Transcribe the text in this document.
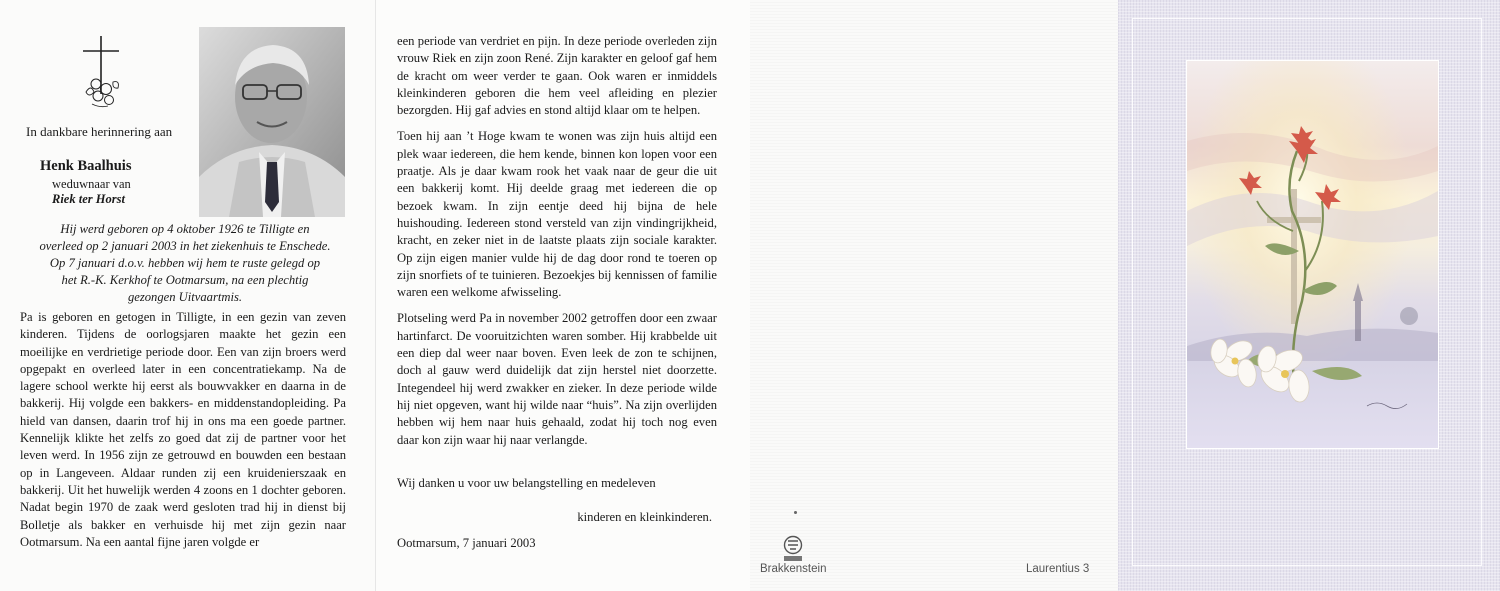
In dankbare herinnering aan
Henk Baalhuis
weduwnaar van
Riek ter Horst
Hij werd geboren op 4 oktober 1926 te Tilligte en
overleed op 2 januari 2003 in het ziekenhuis te Enschede.
Op 7 januari d.o.v. hebben wij hem te ruste gelegd op
het R.-K. Kerkhof te Ootmarsum, na een plechtig
gezongen Uitvaartmis.
Pa is geboren en getogen in Tilligte, in een gezin van zeven kinderen. Tijdens de oorlogsjaren maakte het gezin een moeilijke en verdrietige periode door. Een van zijn broers werd opgepakt en overleed later in een concentratiekamp. Na de lagere school werkte hij eerst als bouwvakker en daarna in de bakkerij. Hij volgde een bakkers- en middenstandopleiding. Pa hield van dansen, daarin trof hij in ons ma een goede partner. Kennelijk klikte het zelfs zo goed dat zij de partner voor het leven werd. In 1956 zijn ze getrouwd en bouwden een bestaan op in Langeveen. Aldaar runden zij een kruidenierszaak en bakkerij. Uit het huwelijk werden 4 zoons en 1 dochter geboren. Nadat begin 1970 de zaak werd gesloten trad hij in dienst bij Bolletje als bakker en verhuisde hij met zijn gezin naar Ootmarsum. Na een aantal fijne jaren volgde er

een periode van verdriet en pijn. In deze periode overleden zijn vrouw Riek en zijn zoon René. Zijn karakter en geloof gaf hem de kracht om weer verder te gaan. Ook waren er inmiddels kleinkinderen geboren die hem veel afleiding en plezier bezorgden. Hij gaf advies en stond altijd klaar om te helpen.

Toen hij aan ’t Hoge kwam te wonen was zijn huis altijd een plek waar iedereen, die hem kende, binnen kon lopen voor een praatje. Als je daar kwam rook het vaak naar de geur die uit een bakkerij komt. Hij deelde graag met iedereen die op bezoek kwam. In zijn eentje deed hij bijna de hele huishouding. Iedereen stond versteld van zijn vindingrijkheid, kracht, en zeker niet in de laatste plaats zijn sociale karakter. Op zijn eigen manier vulde hij de dag door rond te toeren op zijn snorfiets of te tuinieren. Bezoekjes bij kennissen of familie waren een welkome afwisseling.

Plotseling werd Pa in november 2002 getroffen door een zwaar hartinfarct. De vooruitzichten waren somber. Hij krabbelde uit een diep dal weer naar boven. Even leek de zon te schijnen, doch al gauw werd duidelijk dat zijn herstel niet doorzette. Integendeel hij werd zwakker en zieker. In deze periode wilde hij niet opgeven, want hij wilde naar “huis”. Na zijn overlijden hebben wij hem naar huis gehaald, zodat hij toch nog even daar kon zijn waar hij naar verlangde.

Wij danken u voor uw belangstelling en medeleven
kinderen en kleinkinderen.
Ootmarsum, 7 januari 2003
Brakkenstein	Laurentius 3
